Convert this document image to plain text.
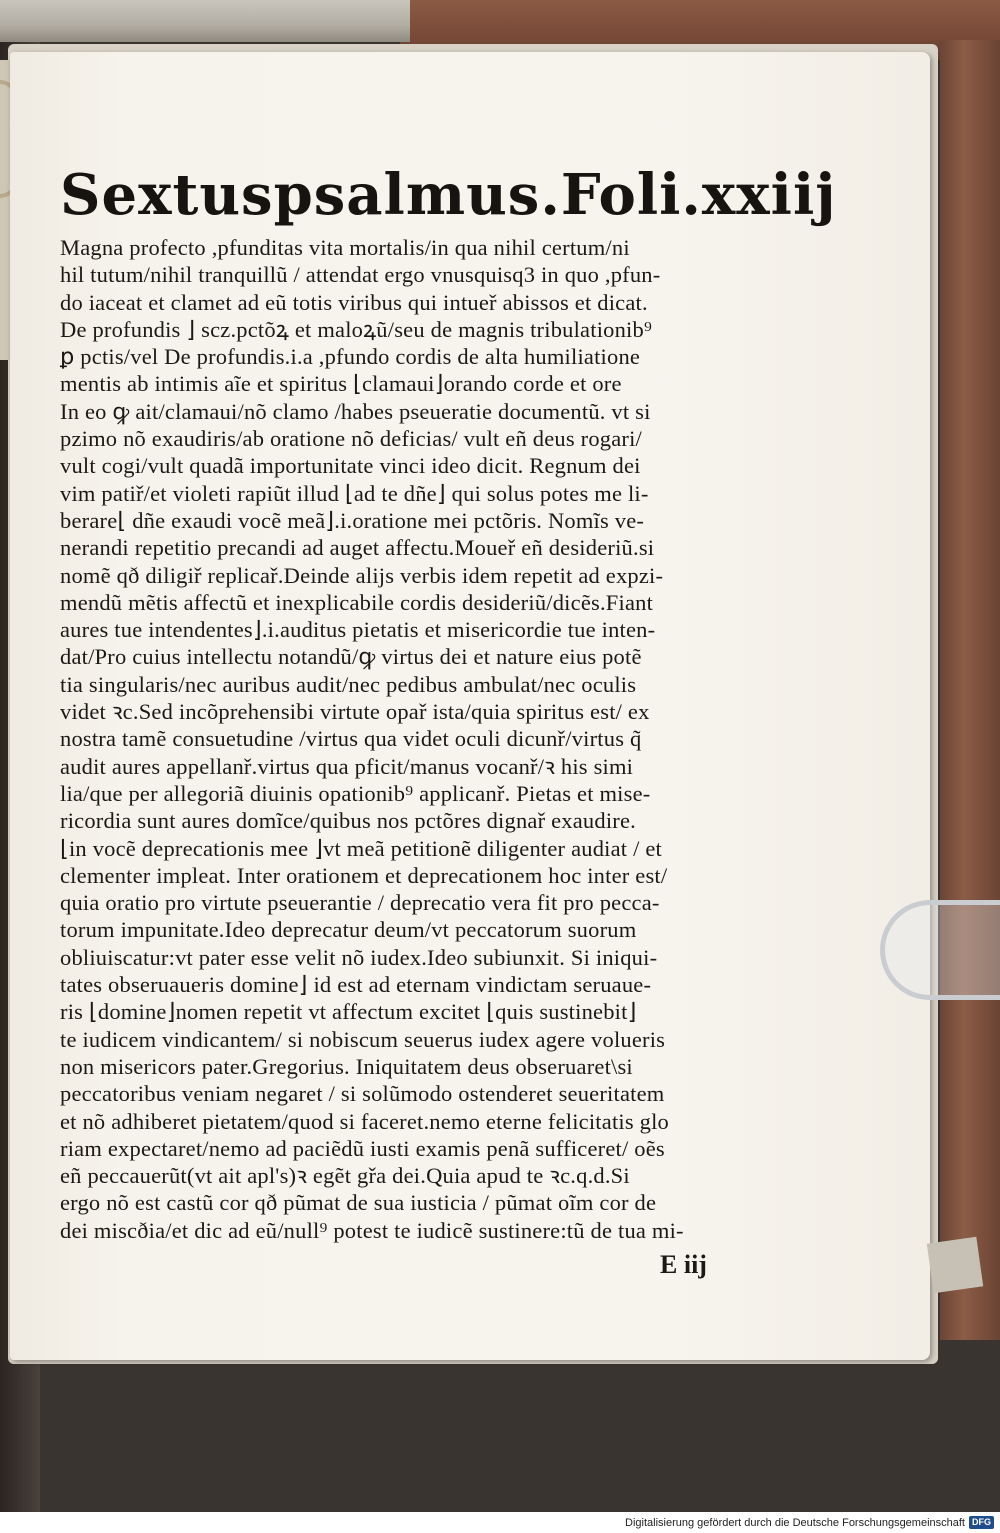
Sextus psalmus. Foli. xxiij
Magna profecto ,pfunditas vita mortalis/in qua nihil certum/ni
hil tutum/nihil tranquillũ / attendat ergo vnusquisq3 in quo ,pfun-
do iaceat et clamet ad eũ totis viribus qui intueř abissos et dicat.
De profundis ⌋ scz.pctõꝝ et maloꝝũ/seu de magnis tribulationib⁹
ꝑ pctis/vel De profundis.i.a ,pfundo cordis de alta humiliatione
mentis ab intimis aĩe et spiritus ⌊clamaui⌋orando corde et ore
In eo ꝙ ait/clamaui/nõ clamo /habes pseueratie documentũ. vt si
pzimo nõ exaudiris/ab oratione nõ deficias/ vult eñ deus rogari/
vult cogi/vult quadã importunitate vinci ideo dicit. Regnum dei
vim patiř/et violeti rapiũt illud ⌊ad te dñe⌋ qui solus potes me li-
berare⌊ dñe exaudi vocẽ meã⌋.i.oratione mei pctõris. Nomĩs ve-
nerandi repetitio precandi ad auget affectu.Moueř eñ desideriũ.si
nomẽ qð diligiř replicař.Deinde alijs verbis idem repetit ad expzi-
mendũ mẽtis affectũ et inexplicabile cordis desideriũ/dicẽs.Fiant
aures tue intendentes⌋.i.auditus pietatis et misericordie tue inten-
dat/Pro cuius intellectu notandũ/ꝙ virtus dei et nature eius potẽ
tia singularis/nec auribus audit/nec pedibus ambulat/nec oculis
videt ꝛc.Sed incõprehensibi virtute opař ista/quia spiritus est/ ex
nostra tamẽ consuetudine /virtus qua videt oculi dicunř/virtus q̃
audit aures appellanř.virtus qua pficit/manus vocanř/ꝛ his simi
lia/que per allegoriã diuinis opationib⁹ applicanř. Pietas et mise-
ricordia sunt aures domĩce/quibus nos pctõres dignař exaudire.
⌊in vocẽ deprecationis mee ⌋vt meã petitionẽ diligenter audiat / et
clementer impleat. Inter orationem et deprecationem hoc inter est/
quia oratio pro virtute pseuerantie / deprecatio vera fit pro pecca-
torum impunitate.Ideo deprecatur deum/vt peccatorum suorum
obliuiscatur:vt pater esse velit nõ iudex.Ideo subiunxit. Si iniqui-
tates obseruaueris domine⌋ id est ad eternam vindictam seruaue-
ris ⌊domine⌋nomen repetit vt affectum excitet ⌊quis sustinebit⌋
te iudicem vindicantem/ si nobiscum seuerus iudex agere volueris
non misericors pater.Gregorius. Iniquitatem deus obseruaret\si
peccatoribus veniam negaret / si solũmodo ostenderet seueritatem
et nõ adhiberet pietatem/quod si faceret.nemo eterne felicitatis glo
riam expectaret/nemo ad paciẽdũ iusti examis penã sufficeret/ oẽs
eñ peccauerũt(vt ait apl's)ꝛ egẽt gřa dei.Quia apud te ꝛc.q.d.Si
ergo nõ est castũ cor qð pũmat de sua iusticia / pũmat oĩm cor de
dei miscðia/et dic ad eũ/null⁹ potest te iudicẽ sustinere:tũ de tua mi-
E iij
Digitalisierung gefördert durch die Deutsche Forschungsgemeinschaft DFG
